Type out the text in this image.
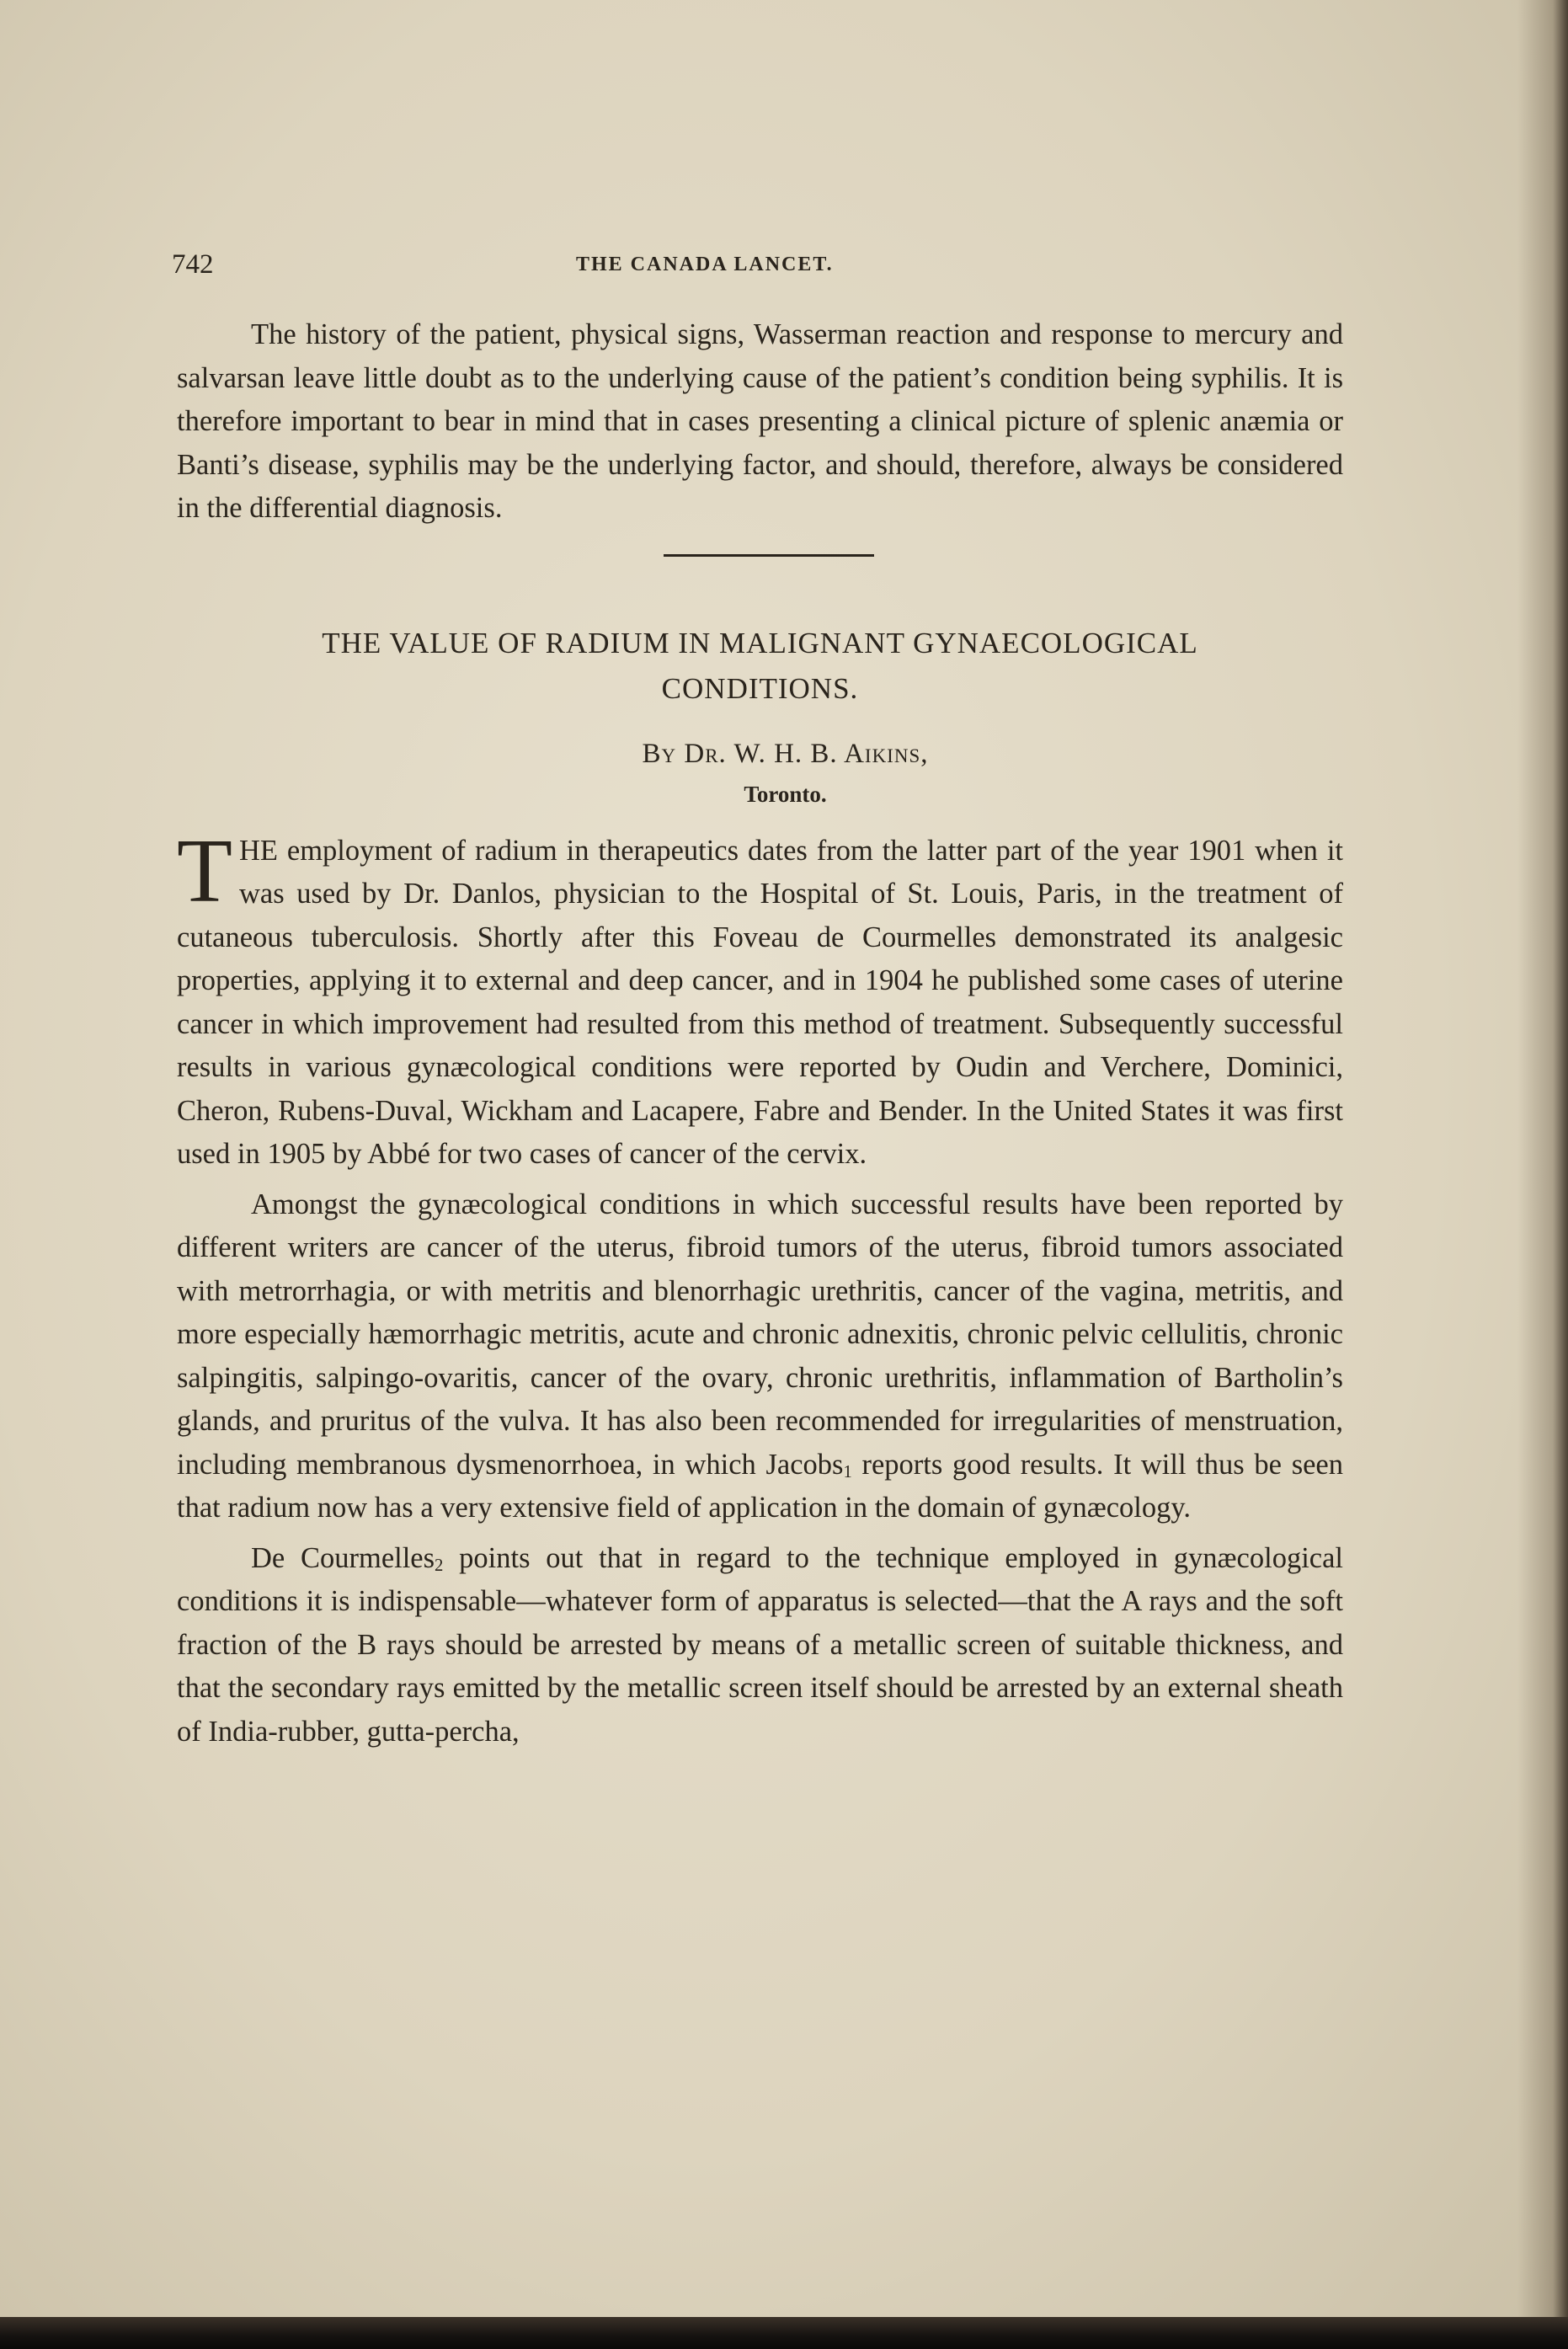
742	THE CANADA LANCET.

The history of the patient, physical signs, Wasserman reaction and response to mercury and salvarsan leave little doubt as to the underlying cause of the patient’s condition being syphilis. It is therefore important to bear in mind that in cases presenting a clinical picture of splenic anæmia or Banti’s disease, syphilis may be the underlying factor, and should, therefore, always be considered in the differential diagnosis.

THE VALUE OF RADIUM IN MALIGNANT GYNAECOLOGICAL
CONDITIONS.
By Dr. W. H. B. Aikins,
Toronto.

THE employment of radium in therapeutics dates from the latter part of the year 1901 when it was used by Dr. Danlos, physician to the Hospital of St. Louis, Paris, in the treatment of cutaneous tuberculosis. Shortly after this Foveau de Courmelles demonstrated its analgesic properties, applying it to external and deep cancer, and in 1904 he published some cases of uterine cancer in which improvement had resulted from this method of treatment. Subsequently successful results in various gynæcological conditions were reported by Oudin and Verchere, Dominici, Cheron, Rubens-Duval, Wickham and Lacapere, Fabre and Bender. In the United States it was first used in 1905 by Abbé for two cases of cancer of the cervix.

Amongst the gynæcological conditions in which successful results have been reported by different writers are cancer of the uterus, fibroid tumors of the uterus, fibroid tumors associated with metrorrhagia, or with metritis and blenorrhagic urethritis, cancer of the vagina, metritis, and more especially hæmorrhagic metritis, acute and chronic adnexitis, chronic pelvic cellulitis, chronic salpingitis, salpingo-ovaritis, cancer of the ovary, chronic urethritis, inflammation of Bartholin’s glands, and pruritus of the vulva. It has also been recommended for irregularities of menstruation, including membranous dysmenorrhoea, in which Jacobs$_1$ reports good results. It will thus be seen that radium now has a very extensive field of application in the domain of gynæcology.

De Courmelles$_2$ points out that in regard to the technique employed in gynæcological conditions it is indispensable—whatever form of apparatus is selected—that the A rays and the soft fraction of the B rays should be arrested by means of a metallic screen of suitable thickness, and that the secondary rays emitted by the metallic screen itself should be arrested by an external sheath of India-rubber, gutta-percha,
